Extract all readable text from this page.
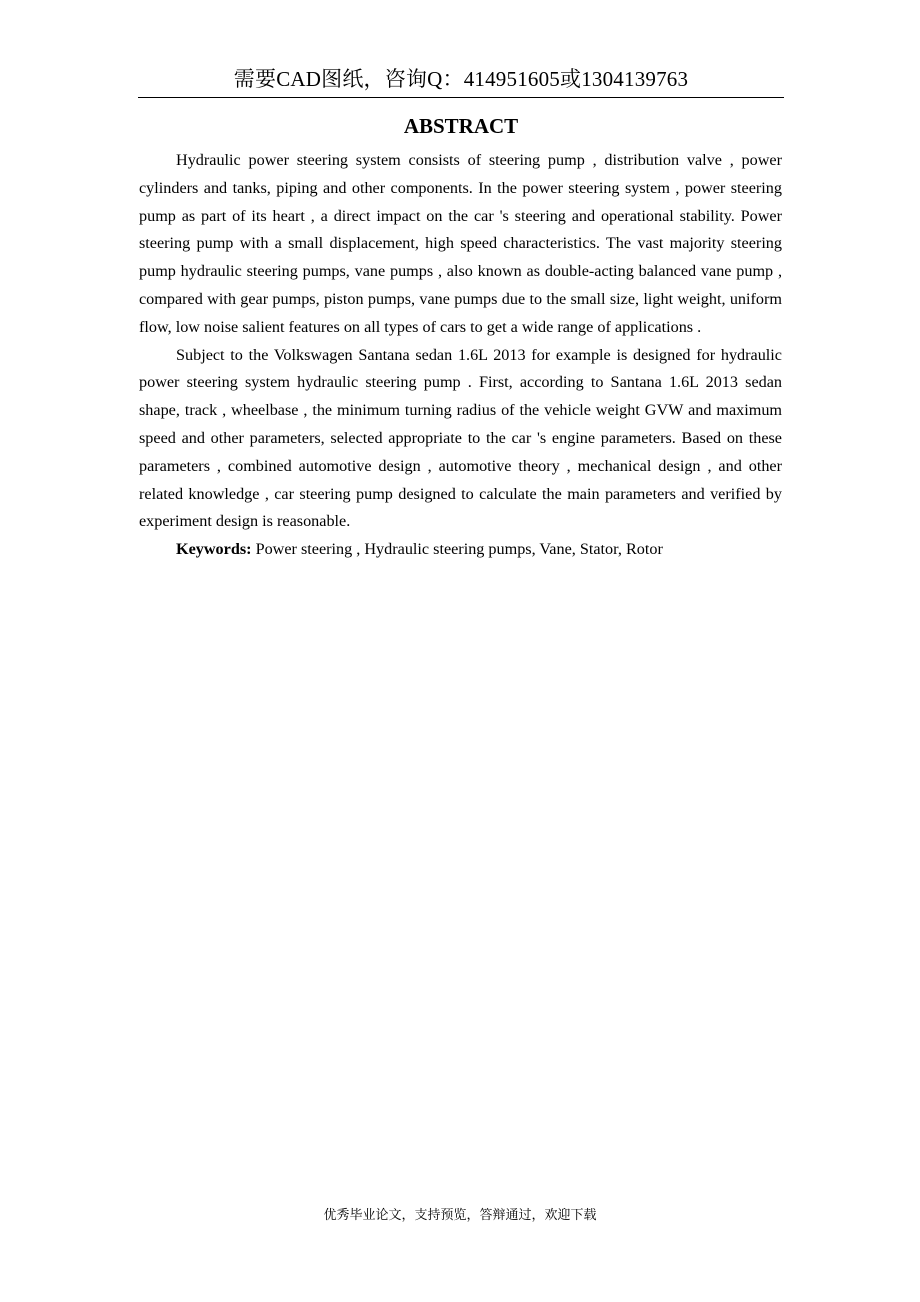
需要CAD图纸，咨询Q：414951605或1304139763
ABSTRACT

Hydraulic power steering system consists of steering pump , distribution valve , power cylinders and tanks, piping and other components. In the power steering system , power steering pump as part of its heart , a direct impact on the car 's steering and operational stability. Power steering pump with a small displacement, high speed characteristics. The vast majority steering pump hydraulic steering pumps, vane pumps , also known as double-acting balanced vane pump , compared with gear pumps, piston pumps, vane pumps due to the small size, light weight, uniform flow, low noise salient features on all types of cars to get a wide range of applications .

Subject to the Volkswagen Santana sedan 1.6L 2013 for example is designed for hydraulic power steering system hydraulic steering pump . First, according to Santana 1.6L 2013 sedan shape, track , wheelbase , the minimum turning radius of the vehicle weight GVW and maximum speed and other parameters, selected appropriate to the car 's engine parameters. Based on these parameters , combined automotive design , automotive theory , mechanical design , and other related knowledge , car steering pump designed to calculate the main parameters and verified by experiment design is reasonable.

Keywords: Power steering , Hydraulic steering pumps, Vane, Stator, Rotor

优秀毕业论文，支持预览，答辩通过，欢迎下载
